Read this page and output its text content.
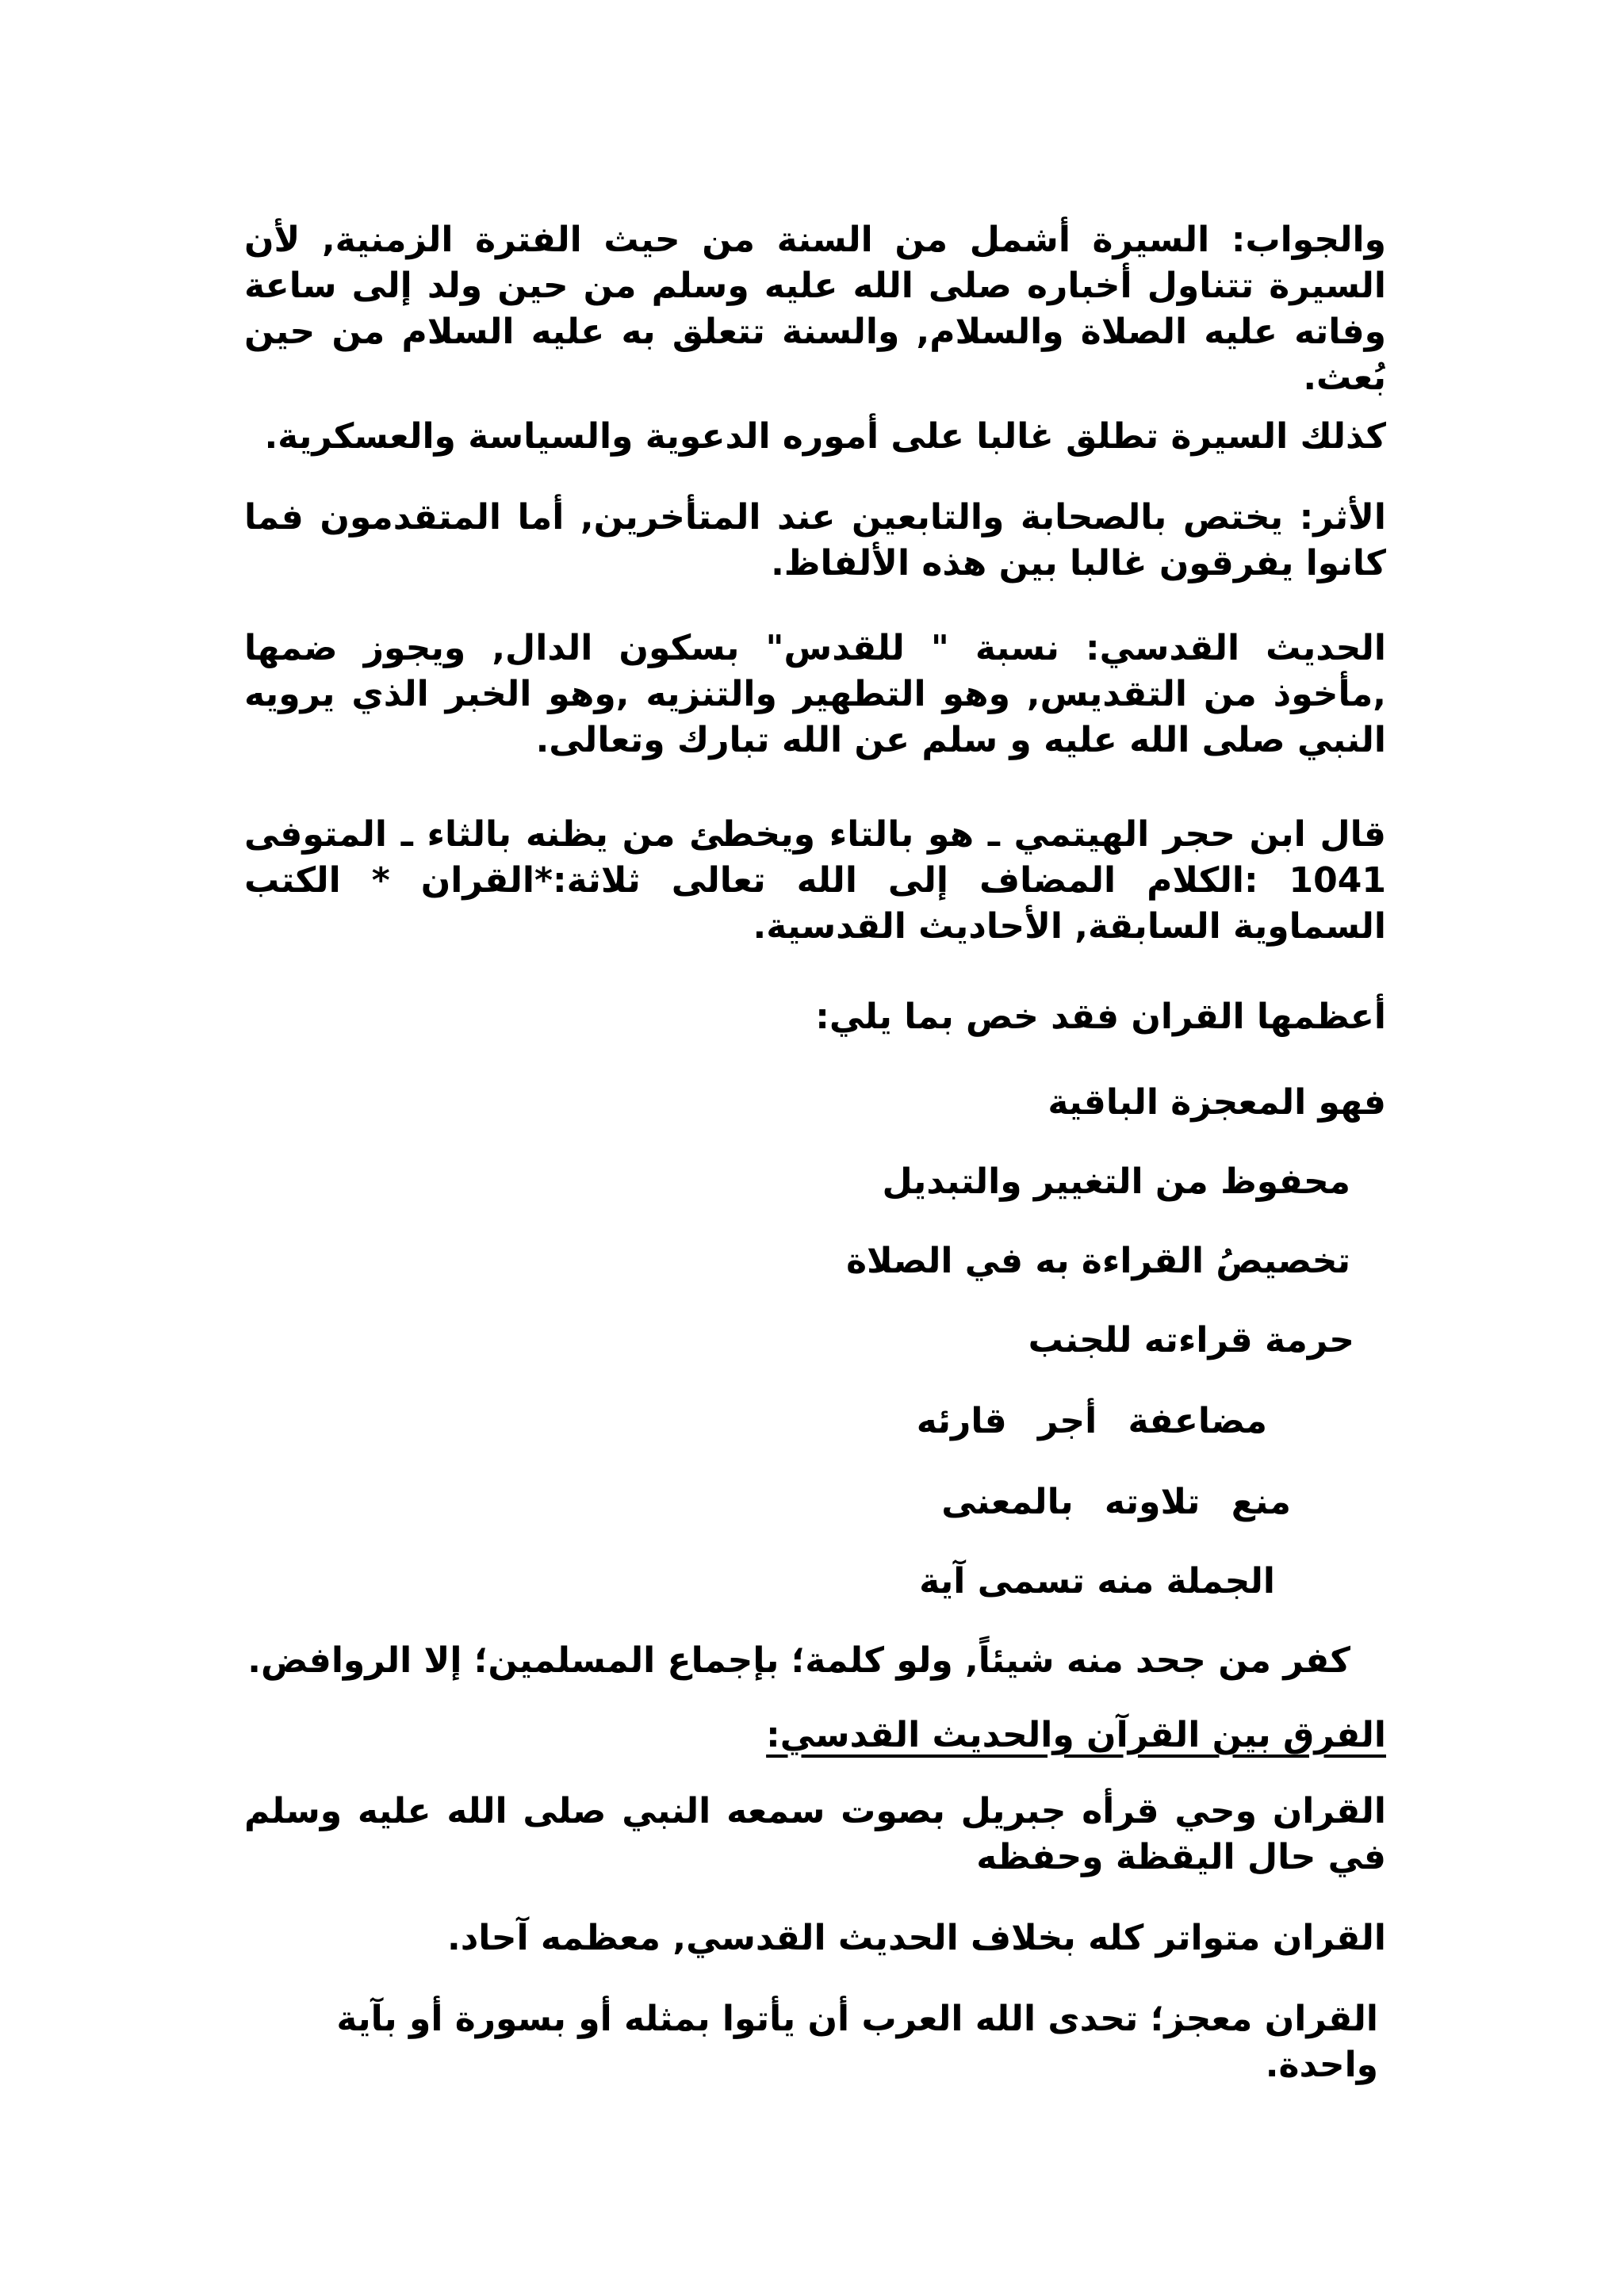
والجواب: السيرة أشمل من السنة من حيث الفترة الزمنية, لأن السيرة تتناول أخباره صلى الله عليه وسلم من حين ولد إلى ساعة وفاته عليه الصلاة والسلام, والسنة تتعلق به عليه السلام من حين بُعث.

كذلك السيرة تطلق غالبا على أموره الدعوية والسياسة والعسكرية.

الأثر: يختص بالصحابة والتابعين عند المتأخرين, أما المتقدمون فما كانوا يفرقون غالبا بين هذه الألفاظ.

الحديث القدسي: نسبة " للقدس" بسكون الدال, ويجوز ضمها ,مأخوذ من التقديس, وهو التطهير والتنزيه ,وهو الخبر الذي يرويه النبي صلى الله عليه و سلم عن الله تبارك وتعالى.

قال ابن حجر الهيتمي ـ هو بالتاء ويخطئ من يظنه بالثاء ـ المتوفى 1041 :الكلام المضاف إلى الله تعالى ثلاثة:*القران * الكتب السماوية السابقة, الأحاديث القدسية.

أعظمها القران فقد خص بما يلي:

فهو المعجزة الباقية

محفوظ من التغيير والتبديل

تخصيصُ القراءة به في الصلاة

حرمة قراءته للجنب

مضاعفة أجر قارئه

منع تلاوته بالمعنى

الجملة منه تسمى آية

كفر من جحد منه شيئاً, ولو كلمة؛ بإجماع المسلمين؛ إلا الروافض.

الفرق بين القرآن والحديث القدسي:

القران وحي قرأه جبريل بصوت سمعه النبي صلى الله عليه وسلم في حال اليقظة وحفظه

القران متواتر كله بخلاف الحديث القدسي, معظمه آحاد.

القران معجز؛ تحدى الله العرب أن يأتوا بمثله أو بسورة أو بآية واحدة.
